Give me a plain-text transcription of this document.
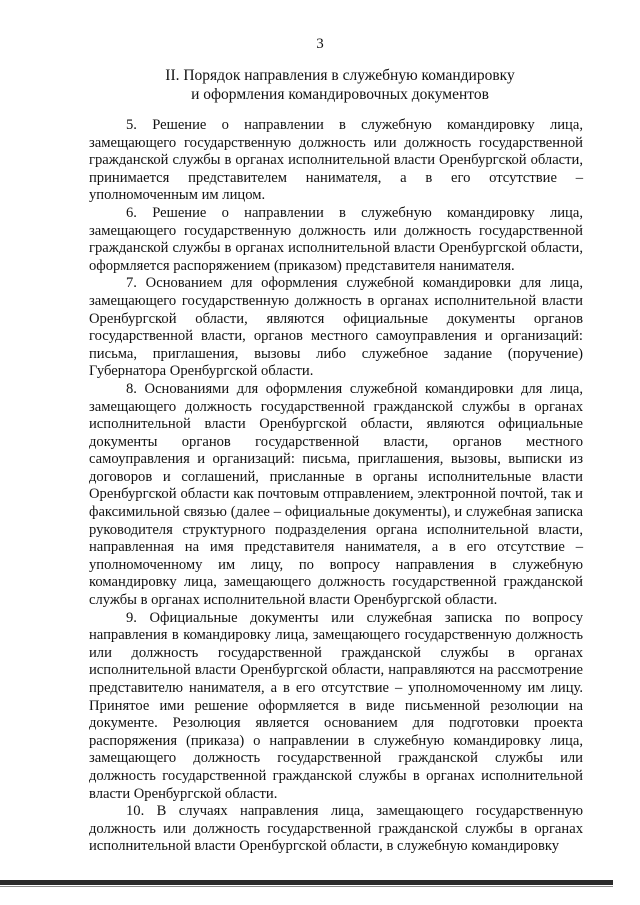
3
II. Порядок направления в служебную командировку
и оформления командировочных документов

5. Решение о направлении в служебную командировку лица, замещающего государственную должность или должность государственной гражданской службы в органах исполнительной власти Оренбургской области, принимается представителем нанимателя, а в его отсутствие – уполномоченным им лицом.

6. Решение о направлении в служебную командировку лица, замещающего государственную должность или должность государственной гражданской службы в органах исполнительной власти Оренбургской области, оформляется распоряжением (приказом) представителя нанимателя.

7. Основанием для оформления служебной командировки для лица, замещающего государственную должность в органах исполнительной власти Оренбургской области, являются официальные документы органов государственной власти, органов местного самоуправления и организаций: письма, приглашения, вызовы либо служебное задание (поручение) Губернатора Оренбургской области.

8. Основаниями для оформления служебной командировки для лица, замещающего должность государственной гражданской службы в органах исполнительной власти Оренбургской области, являются официальные документы органов государственной власти, органов местного самоуправления и организаций: письма, приглашения, вызовы, выписки из договоров и соглашений, присланные в органы исполнительные власти Оренбургской области как почтовым отправлением, электронной почтой, так и факсимильной связью (далее – официальные документы), и служебная записка руководителя структурного подразделения органа исполнительной власти, направленная на имя представителя нанимателя, а в его отсутствие – уполномоченному им лицу, по вопросу направления в служебную командировку лица, замещающего должность государственной гражданской службы в органах исполнительной власти Оренбургской области.

9. Официальные документы или служебная записка по вопросу направления в командировку лица, замещающего государственную должность или должность государственной гражданской службы в органах исполнительной власти Оренбургской области, направляются на рассмотрение представителю нанимателя, а в его отсутствие – уполномоченному им лицу. Принятое ими решение оформляется в виде письменной резолюции на документе. Резолюция является основанием для подготовки проекта распоряжения (приказа) о направлении в служебную командировку лица, замещающего должность государственной гражданской службы или должность государственной гражданской службы в органах исполнительной власти Оренбургской области.

10. В случаях направления лица, замещающего государственную должность или должность государственной гражданской службы в органах исполнительной власти Оренбургской области, в служебную командировку
